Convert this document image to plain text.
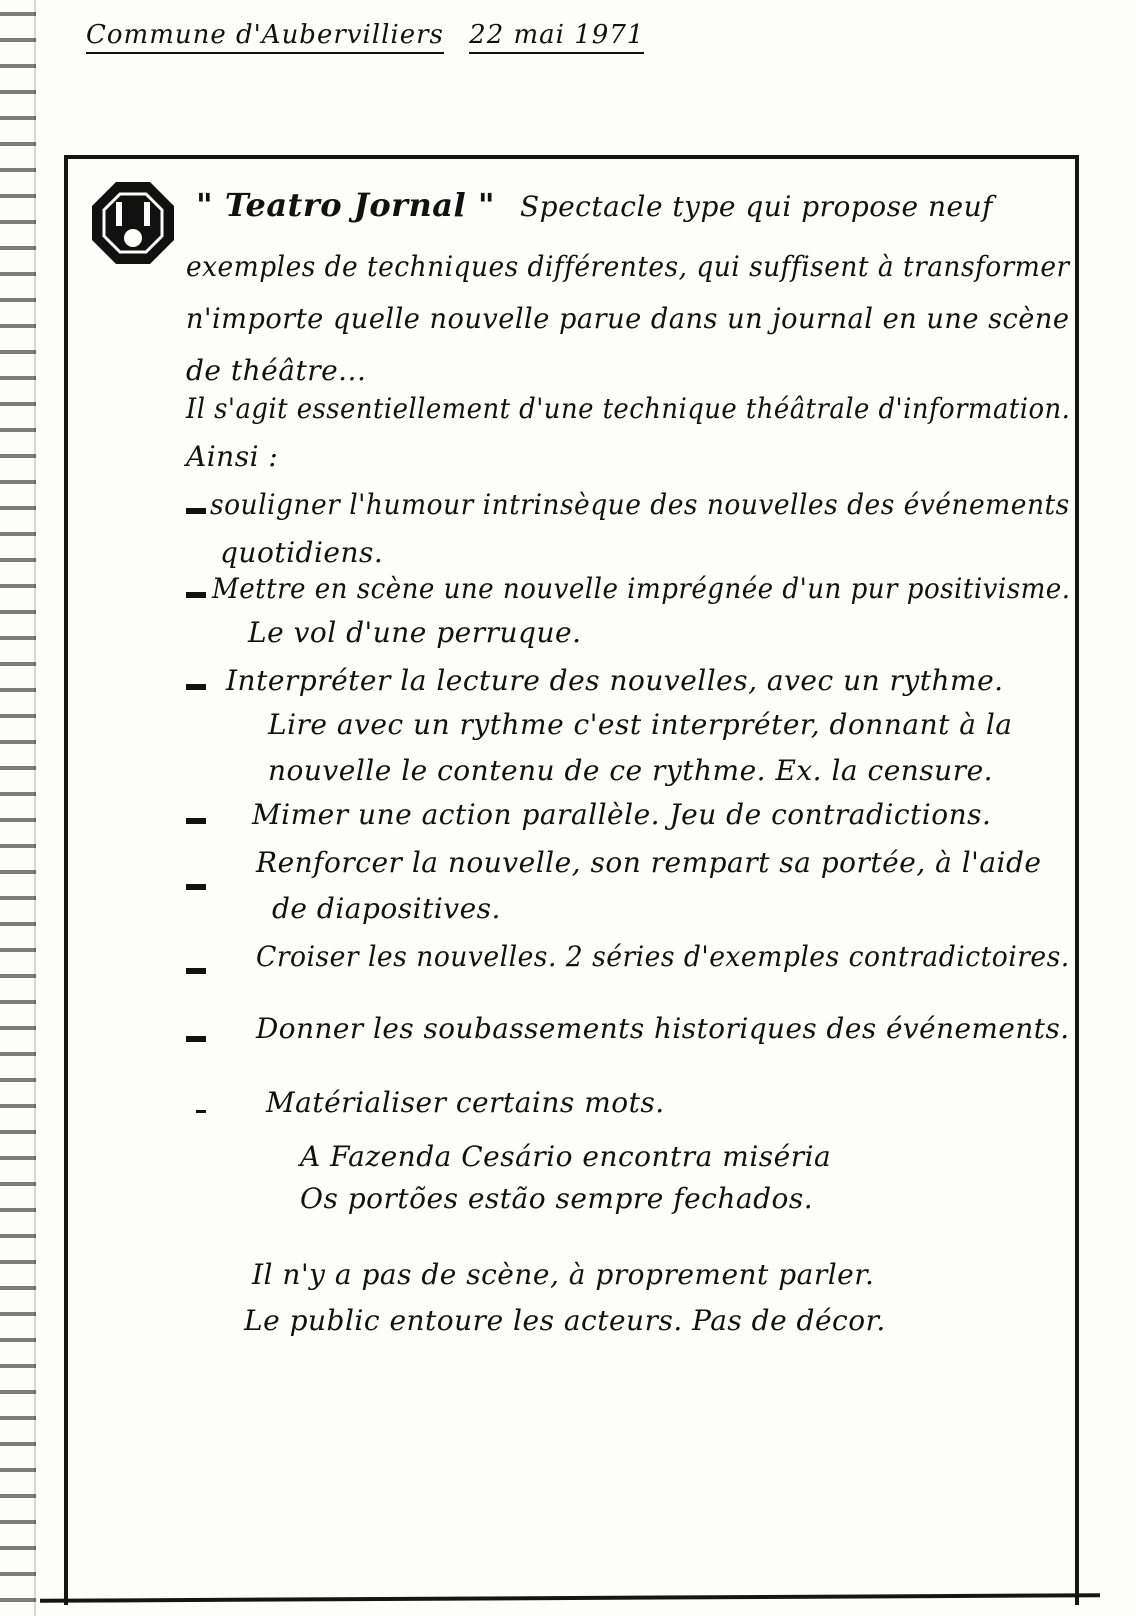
Commune d'Aubervilliers 22 mai 1971
" Teatro Jornal " Spectacle type qui propose neuf
exemples de techniques différentes, qui suffisent à transformer
n'importe quelle nouvelle parue dans un journal en une scène
de théâtre...
Il s'agit essentiellement d'une technique théâtrale d'information.
Ainsi :
souligner l'humour intrinsèque des nouvelles des événements
quotidiens.
Mettre en scène une nouvelle imprégnée d'un pur positivisme.
Le vol d'une perruque.
Interpréter la lecture des nouvelles, avec un rythme.
Lire avec un rythme c'est interpréter, donnant à la
nouvelle le contenu de ce rythme. Ex. la censure.
Mimer une action parallèle. Jeu de contradictions.
Renforcer la nouvelle, son rempart sa portée, à l'aide
de diapositives.
Croiser les nouvelles. 2 séries d'exemples contradictoires.
Donner les soubassements historiques des événements.
Matérialiser certains mots.
A Fazenda Cesário encontra misériа
Os portões estão sempre fechados.
Il n'y a pas de scène, à proprement parler.
Le public entoure les acteurs. Pas de décor.
